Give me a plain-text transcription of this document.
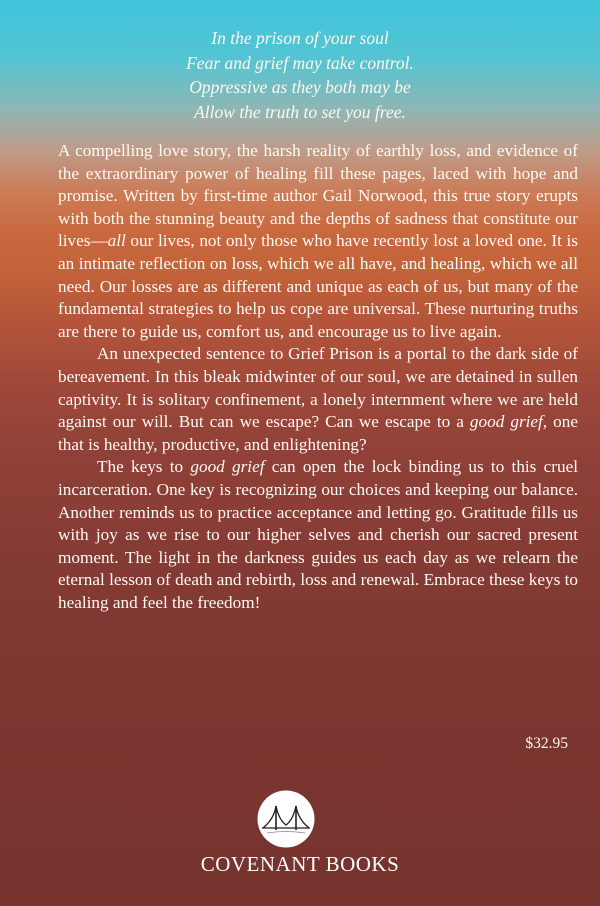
In the prison of your soul
Fear and grief may take control.
Oppressive as they both may be
Allow the truth to set you free.

A compelling love story, the harsh reality of earthly loss, and evidence of the extraordinary power of healing fill these pages, laced with hope and promise. Written by first-time author Gail Norwood, this true story erupts with both the stunning beauty and the depths of sadness that constitute our lives—all our lives, not only those who have recently lost a loved one. It is an intimate reflection on loss, which we all have, and healing, which we all need. Our losses are as different and unique as each of us, but many of the fundamental strategies to help us cope are universal. These nurturing truths are there to guide us, comfort us, and encourage us to live again.

An unexpected sentence to Grief Prison is a portal to the dark side of bereavement. In this bleak midwinter of our soul, we are detained in sullen captivity. It is solitary confinement, a lonely internment where we are held against our will. But can we escape? Can we escape to a good grief, one that is healthy, productive, and enlightening?

The keys to good grief can open the lock binding us to this cruel incarceration. One key is recognizing our choices and keeping our balance. Another reminds us to practice acceptance and letting go. Gratitude fills us with joy as we rise to our higher selves and cherish our sacred present moment. The light in the darkness guides us each day as we relearn the eternal lesson of death and rebirth, loss and renewal. Embrace these keys to healing and feel the freedom!

$32.95
COVENANT BOOKS
